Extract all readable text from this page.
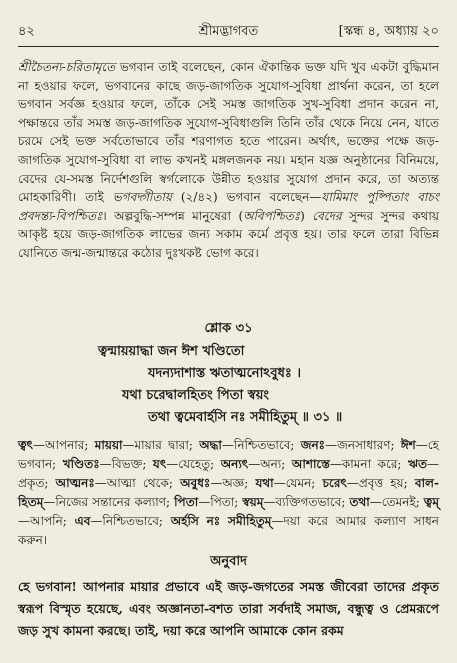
৪২	শ্রীমদ্ভাগবত	[স্কন্ধ ৪, অধ্যায় ২০
শ্রীচৈতন্য-চরিতামৃতে ভগবান তাই বলেছেন, কোন ঐকান্তিক ভক্ত যদি খুব একটা বুদ্ধিমান না হওয়ার ফলে, ভগবানের কাছে জড়-জাগতিক সুযোগ-সুবিধা প্রার্থনা করেন, তা হলে ভগবান সর্বজ্ঞ হওয়ার ফলে, তাঁকে সেই সমস্ত জাগতিক সুখ-সুবিধা প্রদান করেন না, পক্ষান্তরে তাঁর সমস্ত জড়-জাগতিক সুযোগ-সুবিধাগুলি তিনি তাঁর থেকে নিয়ে নেন, যাতে চরমে সেই ভক্ত সর্বতোভাবে তাঁর শরণাগত হতে পারেন। অর্থাৎ, ভক্তের পক্ষে জড়-জাগতিক সুযোগ-সুবিধা বা লাভ কখনই মঙ্গলজনক নয়। মহান যজ্ঞ অনুষ্ঠানের বিনিময়ে, বেদের যে-সমস্ত নির্দেশগুলি স্বর্গলোকে উন্নীত হওয়ার সুযোগ প্রদান করে, তা অত্যন্ত মোহকারিণী। তাই ভগবদ্গীতায় (২/৪২) ভগবান বলেছেন—যামিমাং পুষ্পিতাং বাচং প্রবদন্ত্য-বিপশ্চিতঃ। অল্পবুদ্ধি-সম্পন্ন মানুষেরা (অবিপশ্চিতঃ) বেদের সুন্দর সুন্দর কথায় আকৃষ্ট হয়ে জড়-জাগতিক লাভের জন্য সকাম কর্মে প্রবৃত্ত হয়। তার ফলে তারা বিভিন্ন যোনিতে জন্ম-জন্মান্তরে কঠোর দুঃখকষ্ট ভোগ করে।
শ্লোক ৩১
ত্বন্মায়য়াদ্ধা জন ঈশ খণ্ডিতো
যদন্যদাশাস্ত ঋতাত্মনোঽবুধঃ ।
যথা চরেদ্বালহিতং পিতা স্বয়ং
তথা ত্বমেবার্হসি নঃ সমীহিতুম্ ॥ ৩১ ॥
ত্বৎ—আপনার; মায়য়া—মায়ার দ্বারা; অদ্ধা—নিশ্চিতভাবে; জনঃ—জনসাধারণ; ঈশ—হে ভগবান; খণ্ডিতঃ—বিভক্ত; যৎ—যেহেতু; অন্যৎ—অন্য; আশাস্তে—কামনা করে; ঋত—প্রকৃত; আত্মনঃ—আত্মা থেকে; অবুধঃ—অজ্ঞ; যথা—যেমন; চরেৎ—প্রবৃত্ত হয়; বাল-হিতম্—নিজের সন্তানের কল্যাণ; পিতা—পিতা; স্বয়ম্—ব্যক্তিগতভাবে; তথা—তেমনই; ত্বম্—আপনি; এব—নিশ্চিতভাবে; অর্হসি নঃ সমীহিতুম্—দয়া করে আমার কল্যাণ সাধন করুন।
অনুবাদ
হে ভগবান! আপনার মায়ার প্রভাবে এই জড়-জগতের সমস্ত জীবেরা তাদের প্রকৃত স্বরূপ বিস্মৃত হয়েছে, এবং অজ্ঞানতা-বশত তারা সর্বদাই সমাজ, বন্ধুত্ব ও প্রেমরূপে জড় সুখ কামনা করছে। তাই, দয়া করে আপনি আমাকে কোন রকম
